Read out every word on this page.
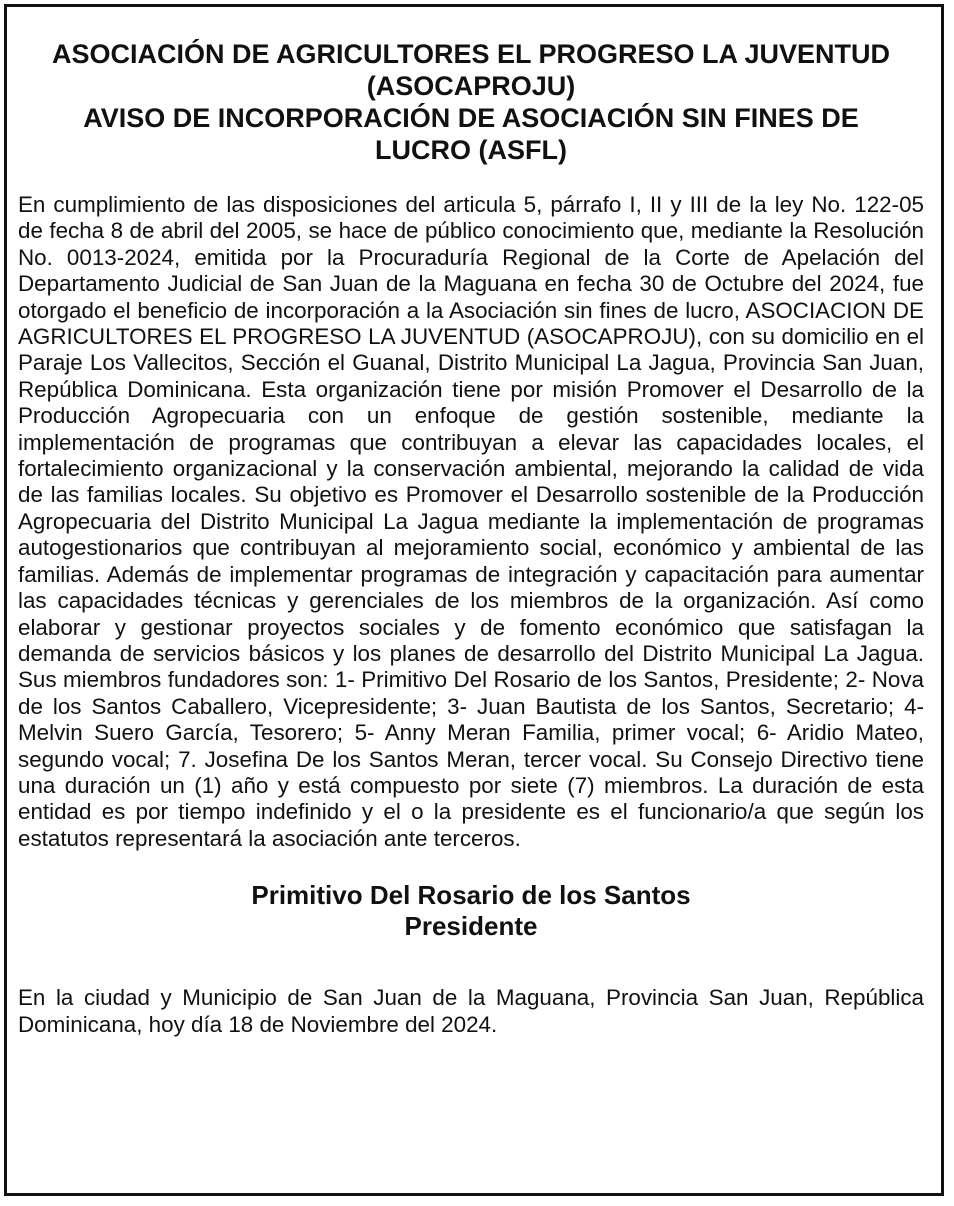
ASOCIACIÓN DE AGRICULTORES EL PROGRESO LA JUVENTUD

(ASOCAPROJU)

AVISO DE INCORPORACIÓN DE ASOCIACIÓN SIN FINES DE

LUCRO (ASFL)

En cumplimiento de las disposiciones del articula 5, párrafo I, II y III de la ley No. 122-05 de fecha 8 de abril del 2005, se hace de público conocimiento que, mediante la Resolución No. 0013-2024, emitida por la Procuraduría Regional de la Corte de Apelación del Departamento Judicial de San Juan de la Maguana en fecha 30 de Octubre del 2024, fue otorgado el beneficio de incorporación a la Asociación sin fines de lucro, ASOCIACION DE AGRICULTORES EL PROGRESO LA JUVENTUD (ASOCAPROJU), con su domicilio en el Paraje Los Vallecitos, Sección el Guanal, Distrito Municipal La Jagua, Provincia San Juan, República Dominicana. Esta organización tiene por misión Promover el Desarrollo de la Producción Agropecuaria con un enfoque de gestión sostenible, mediante la implementación de programas que contribuyan a elevar las capacidades locales, el fortalecimiento organizacional y la conservación ambiental, mejorando la calidad de vida de las familias locales. Su objetivo es Promover el Desarrollo sostenible de la Producción Agropecuaria del Distrito Municipal La Jagua mediante la implementación de programas autogestionarios que contribuyan al mejoramiento social, económico y ambiental de las familias. Además de implementar programas de integración y capacitación para aumentar las capacidades técnicas y gerenciales de los miembros de la organización. Así como elaborar y gestionar proyectos sociales y de fomento económico que satisfagan la demanda de servicios básicos y los planes de desarrollo del Distrito Municipal La Jagua. Sus miembros fundadores son: 1- Primitivo Del Rosario de los Santos, Presidente; 2- Nova de los Santos Caballero, Vicepresidente; 3- Juan Bautista de los Santos, Secretario; 4- Melvin Suero García, Tesorero; 5- Anny Meran Familia, primer vocal; 6- Aridio Mateo, segundo vocal; 7. Josefina De los Santos Meran, tercer vocal. Su Consejo Directivo tiene una duración un (1) año y está compuesto por siete (7) miembros. La duración de esta entidad es por tiempo indefinido y el o la presidente es el funcionario/a que según los estatutos representará la asociación ante terceros.
Primitivo Del Rosario de los Santos
Presidente
En la ciudad y Municipio de San Juan de la Maguana, Provincia San Juan, República Dominicana, hoy día 18 de Noviembre del 2024.
